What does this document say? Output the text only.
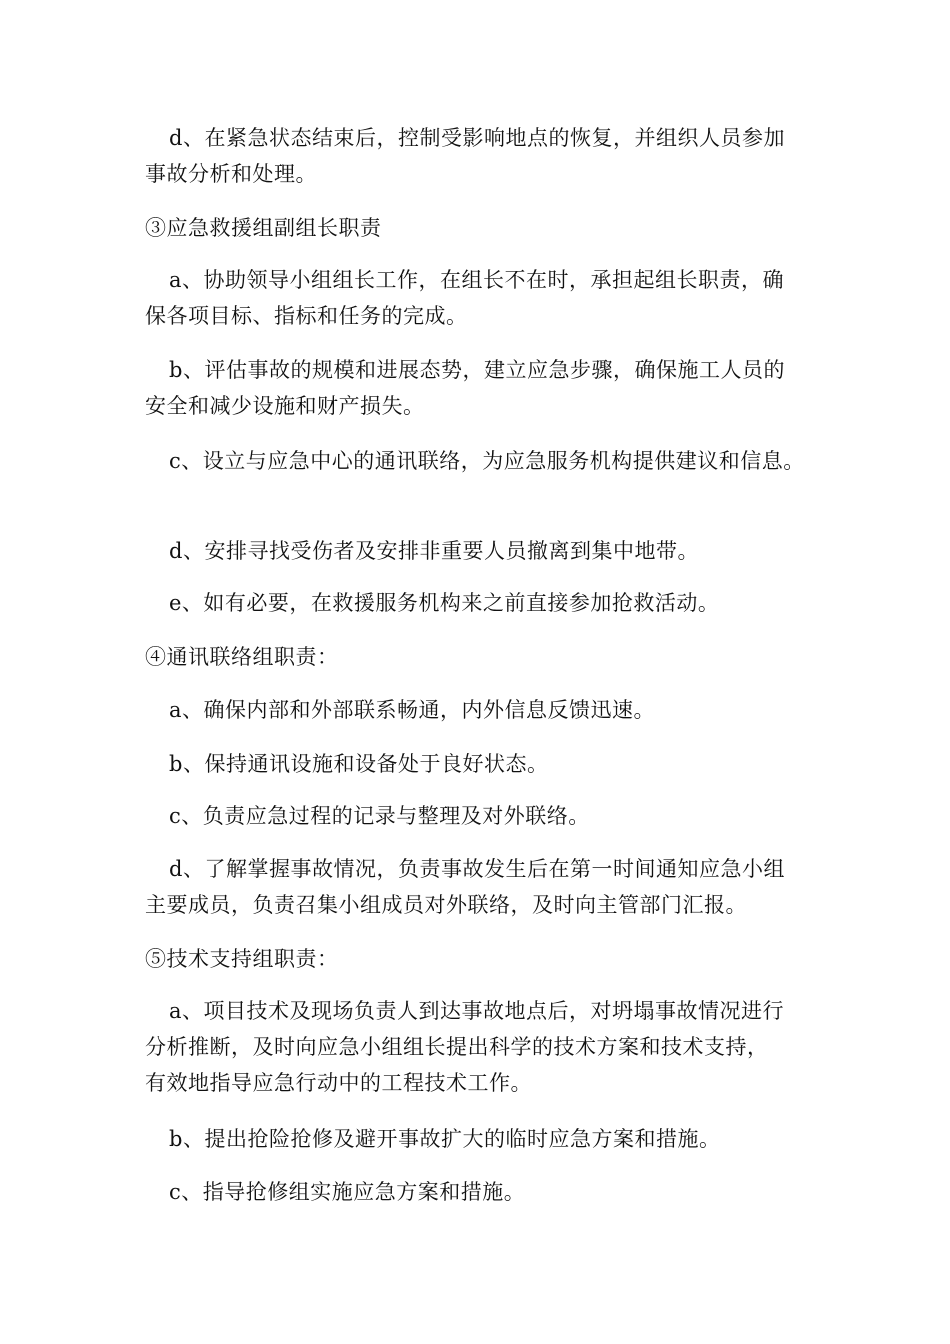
d、在紧急状态结束后，控制受影响地点的恢复，并组织人员参加
事故分析和处理。
③应急救援组副组长职责
a、协助领导小组组长工作，在组长不在时，承担起组长职责，确
保各项目标、指标和任务的完成。
b、评估事故的规模和进展态势，建立应急步骤，确保施工人员的
安全和减少设施和财产损失。
c、设立与应急中心的通讯联络，为应急服务机构提供建议和信息。
d、安排寻找受伤者及安排非重要人员撤离到集中地带。
e、如有必要，在救援服务机构来之前直接参加抢救活动。
④通讯联络组职责：
a、确保内部和外部联系畅通，内外信息反馈迅速。
b、保持通讯设施和设备处于良好状态。
c、负责应急过程的记录与整理及对外联络。
d、了解掌握事故情况，负责事故发生后在第一时间通知应急小组
主要成员，负责召集小组成员对外联络，及时向主管部门汇报。
⑤技术支持组职责：
a、项目技术及现场负责人到达事故地点后，对坍塌事故情况进行
分析推断，及时向应急小组组长提出科学的技术方案和技术支持，
有效地指导应急行动中的工程技术工作。
b、提出抢险抢修及避开事故扩大的临时应急方案和措施。
c、指导抢修组实施应急方案和措施。
